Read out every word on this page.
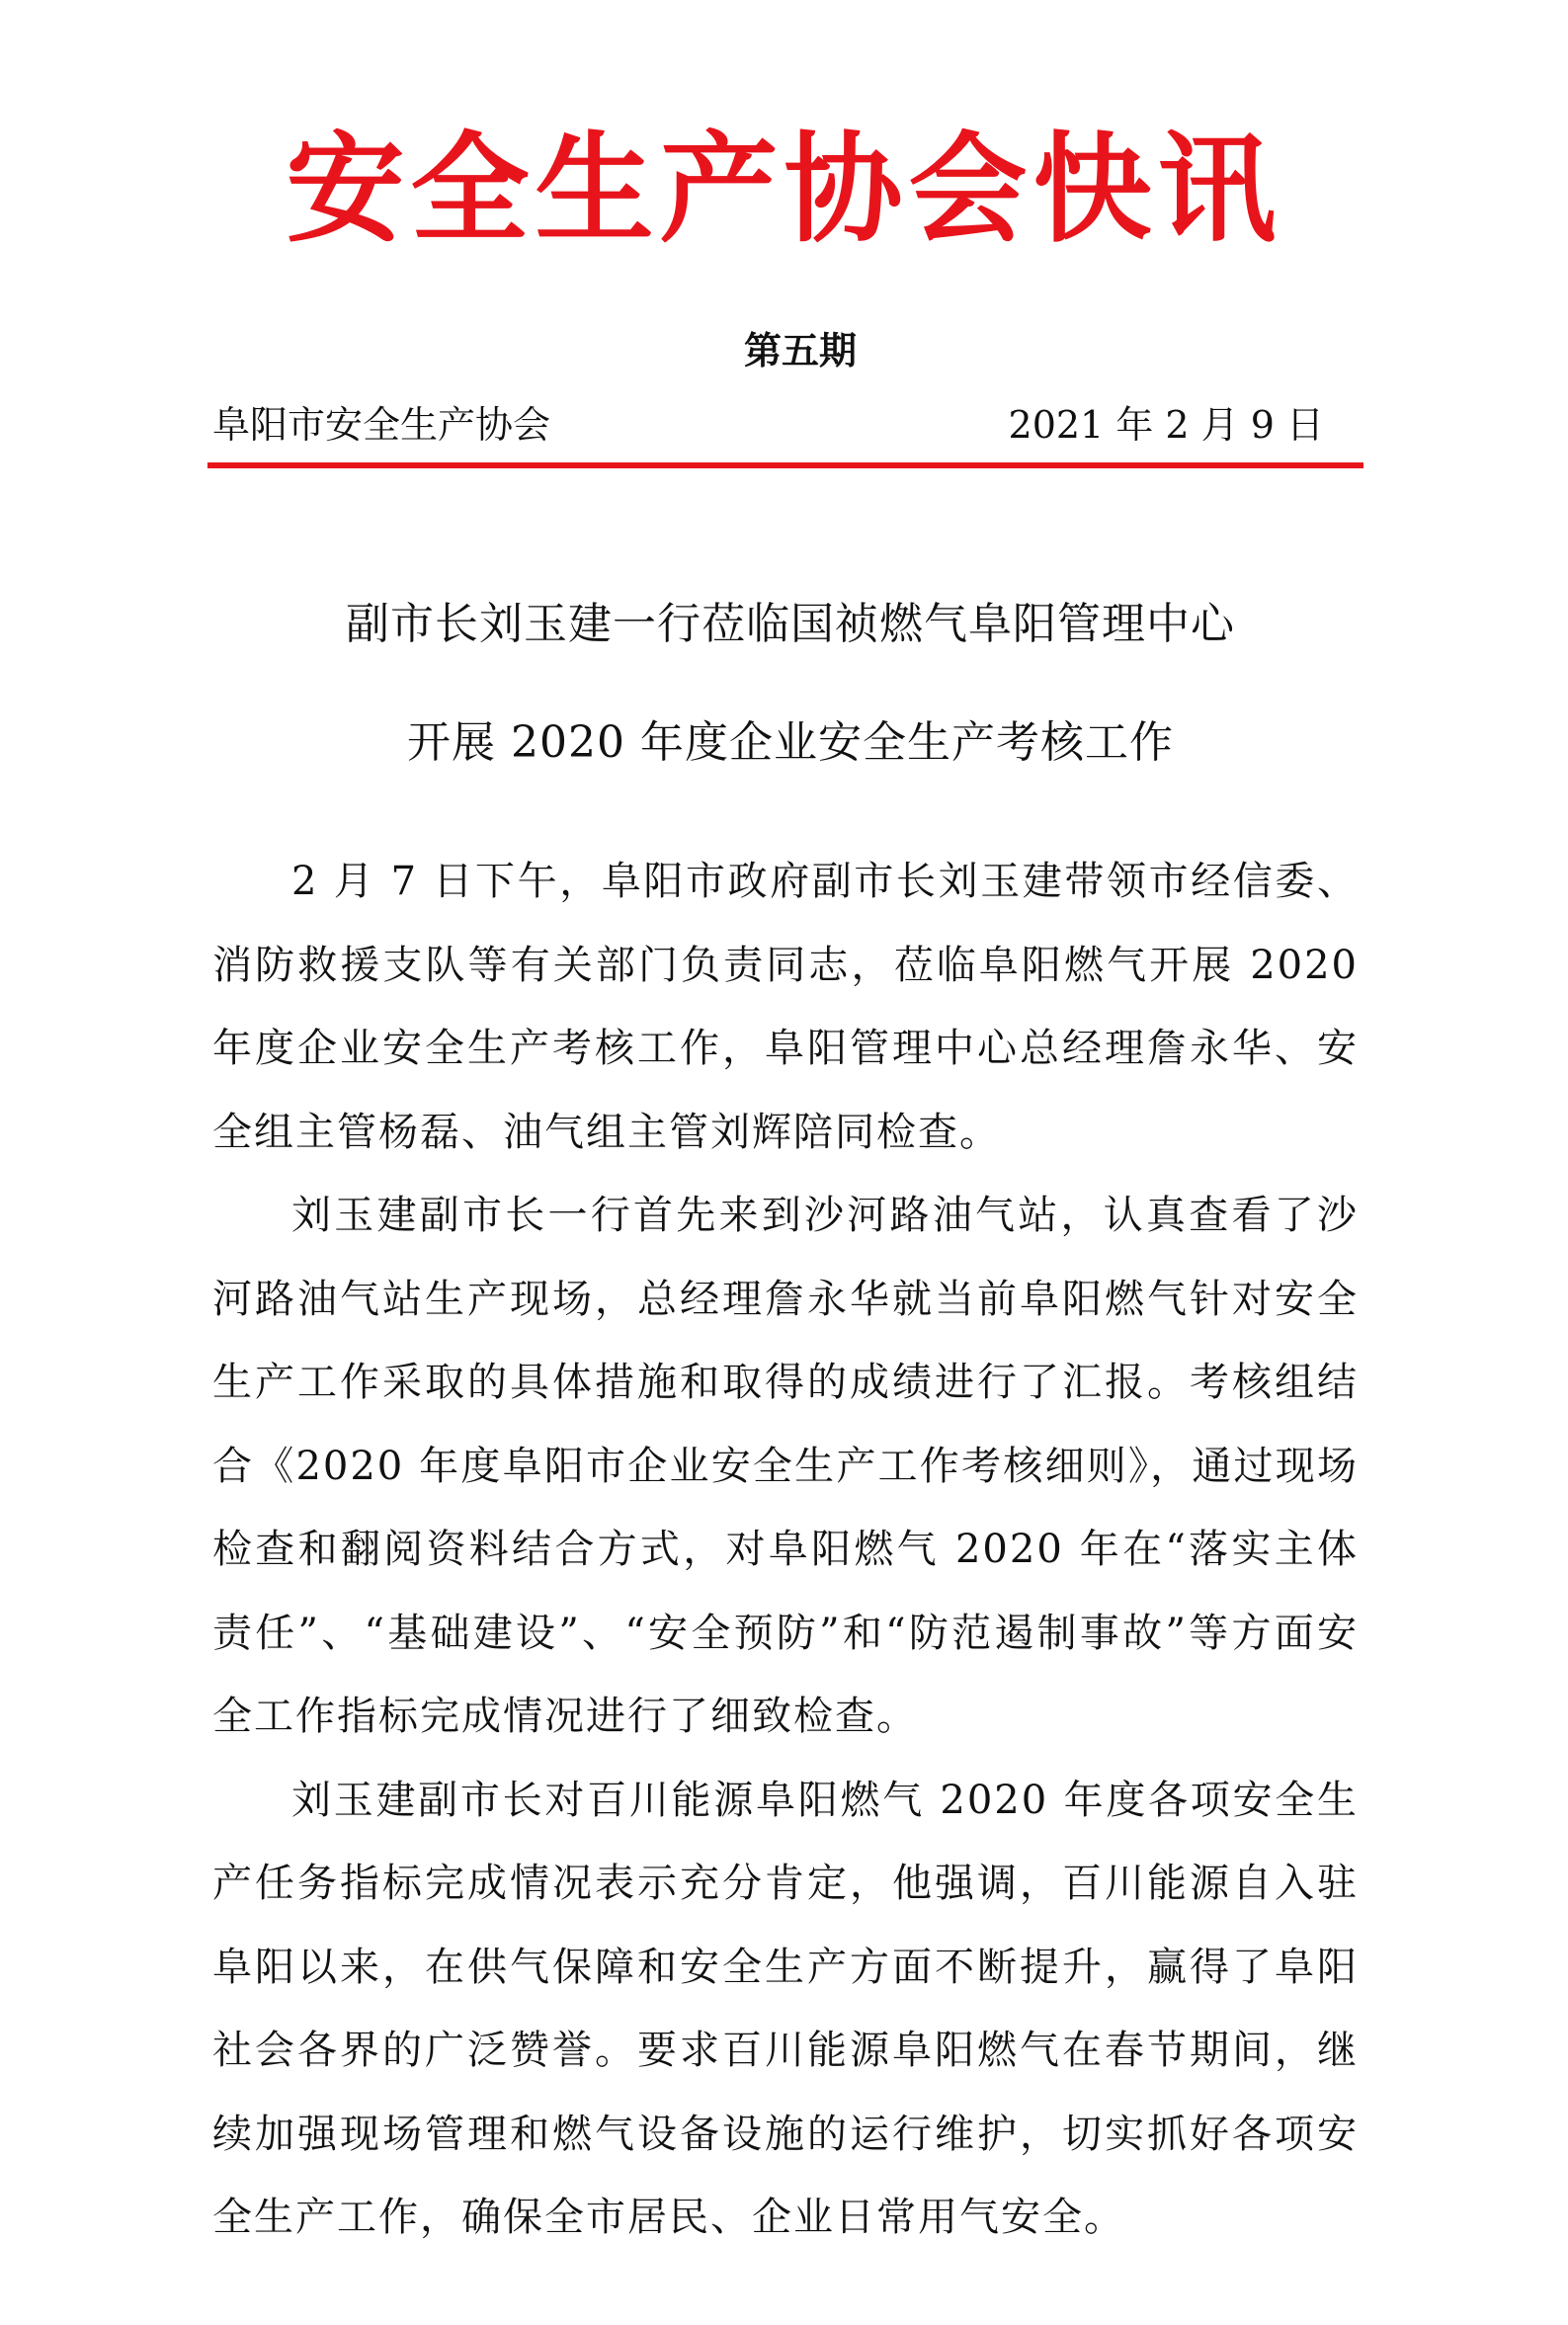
安全生产协会快讯
第五期
阜阳市安全生产协会	2021 年 2 月 9 日
副市长刘玉建一行莅临国祯燃气阜阳管理中心
开展 2020 年度企业安全生产考核工作

2 月 7 日下午，阜阳市政府副市长刘玉建带领市经信委、消防救援支队等有关部门负责同志，莅临阜阳燃气开展 2020 年度企业安全生产考核工作，阜阳管理中心总经理詹永华、安全组主管杨磊、油气组主管刘辉陪同检查。

刘玉建副市长一行首先来到沙河路油气站，认真查看了沙河路油气站生产现场，总经理詹永华就当前阜阳燃气针对安全生产工作采取的具体措施和取得的成绩进行了汇报。考核组结合《2020 年度阜阳市企业安全生产工作考核细则》，通过现场检查和翻阅资料结合方式，对阜阳燃气 2020 年在“落实主体责任”、“基础建设”、“安全预防”和“防范遏制事故”等方面安全工作指标完成情况进行了细致检查。

刘玉建副市长对百川能源阜阳燃气 2020 年度各项安全生产任务指标完成情况表示充分肯定，他强调，百川能源自入驻阜阳以来，在供气保障和安全生产方面不断提升，赢得了阜阳社会各界的广泛赞誉。要求百川能源阜阳燃气在春节期间，继续加强现场管理和燃气设备设施的运行维护，切实抓好各项安全生产工作，确保全市居民、企业日常用气安全。
